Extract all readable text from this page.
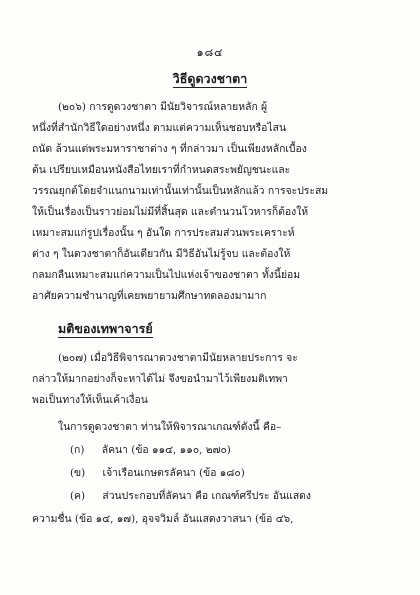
๑๘๔
วิธีดูดวงชาตา
(๒๐๖) การดูดวงชาตา มีนัยวิจารณ์หลายหลัก ผู้
หนึ่งที่สำนักวิธีใดอย่างหนึ่ง ตามแต่ความเห็นชอบหรือไสน
ถนัด ล้วนแต่พระมหาราชาต่าง ๆ ที่กล่าวมา เป็นเพียงหลักเบื้อง
ต้น เปรียบเหมือนหนังสือไทยเราที่กำหนดสระพยัญชนะและ
วรรณยุกต์โดยจำแนกนามเท่านั้นเท่านั้นเป็นหลักแล้ว การจะประสม
ให้เป็นเรื่องเป็นราวย่อมไม่มีที่สิ้นสุด และตำนวนโวหารก็ต้องให้
เหมาะสมแก่รูปเรื่องนั้น ๆ อันใด การประสมส่วนพระเคราะห์
ต่าง ๆ ในดวงชาตาก็อันเดียวกัน มีวิธีอันไม่รู้จบ และต้องให้
กลมกลืนเหมาะสมแก่ความเป็นไปแห่งเจ้าของชาตา ทั้งนี้ย่อม
อาศัยความชำนาญที่เคยพยายามศึกษาทดลองมามาก
มติของเทพาจารย์
(๒๐๗) เมื่อวิธีพิจารณาดวงชาตามีนัยหลายประการ จะ
กล่าวให้มากอย่างก็จะหาได้ไม่ จึงขอนำมาไว้เพียงมติเทพา
พอเป็นทางให้เห็นเค้าเงื่อน
ในการดูดวงชาตา ท่านให้พิจารณาเกณฑ์ดังนี้ คือ–
(ก) ลัคนา (ข้อ ๑๑๔, ๑๑๐, ๒๗๐)
(ข) เจ้าเรือนเกษตรลัคนา (ข้อ ๑๘๐)
(ค) ส่วนประกอบที่ลัคนา คือ เกณฑ์ศรีประ อันแสดง
ความชื่น (ข้อ ๑๔, ๑๗), อุจจวิมล์ อันแสดงวาสนา (ข้อ ๔๖,
